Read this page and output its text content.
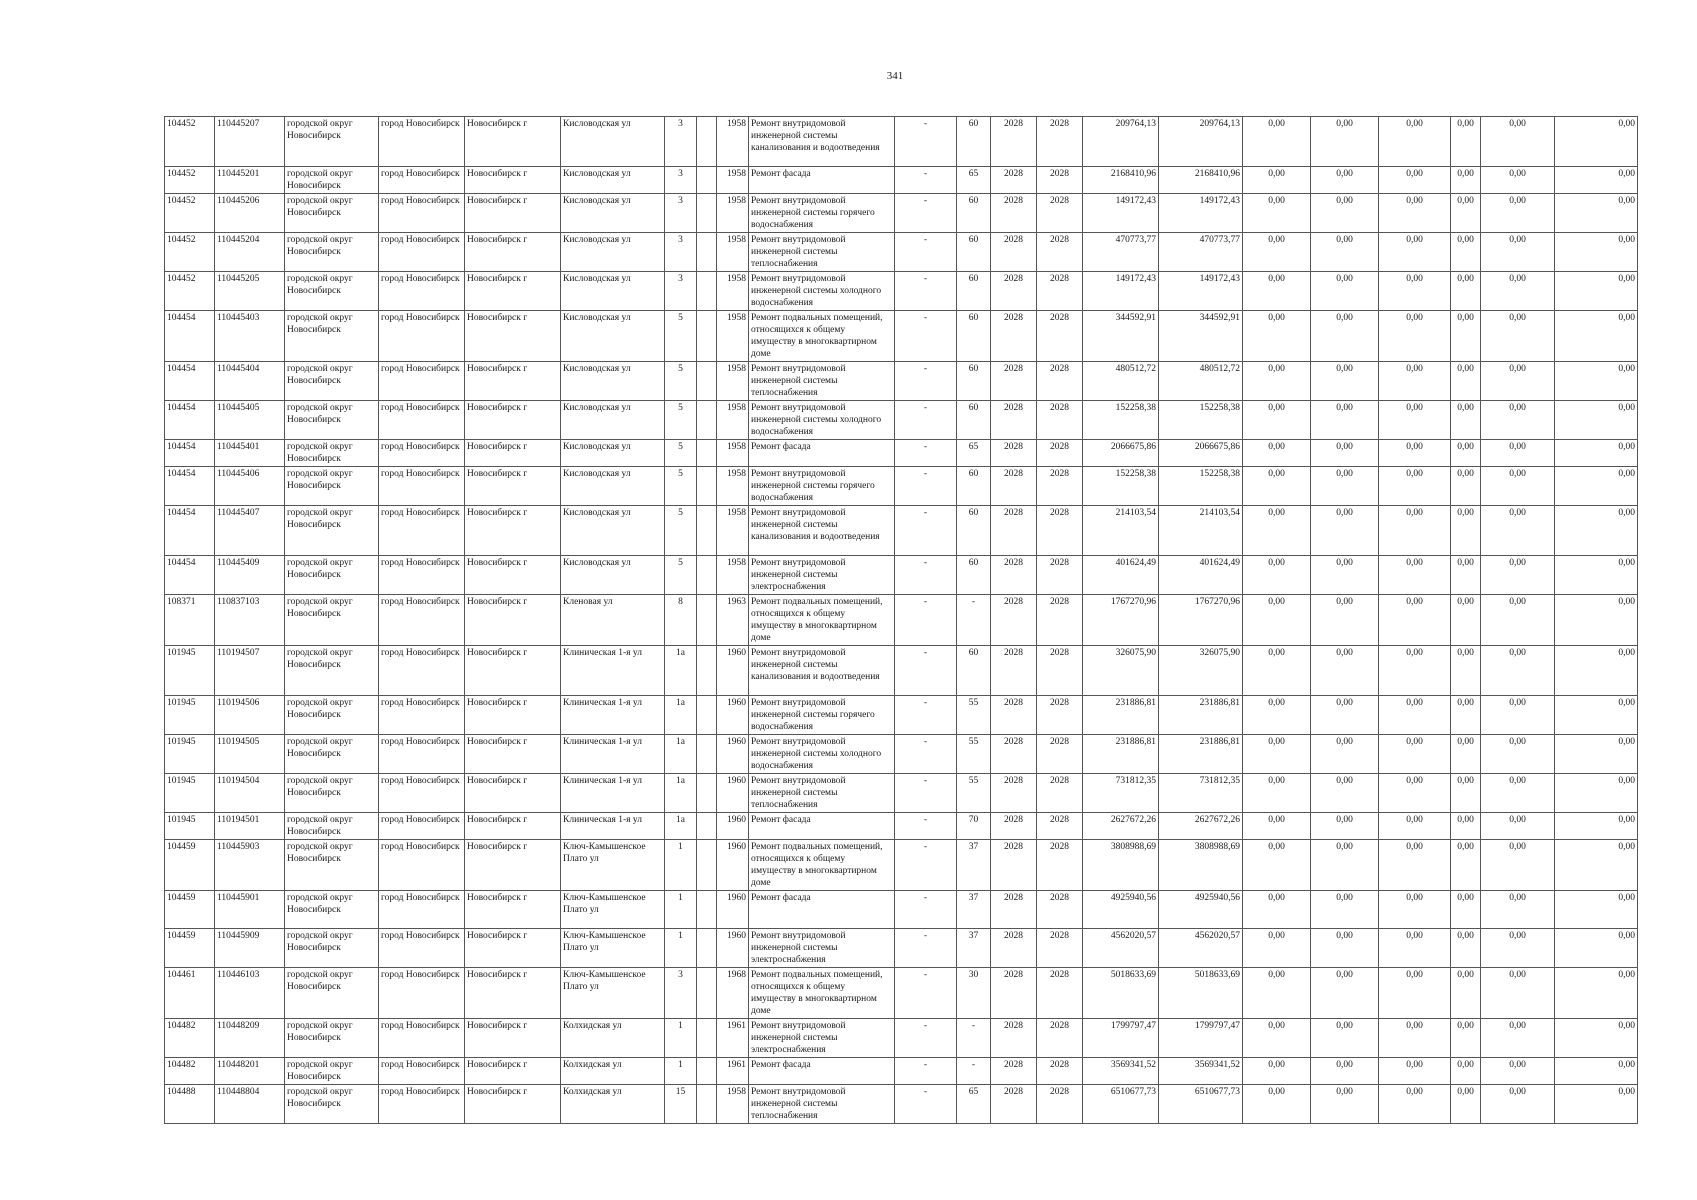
341
104452	110445207	городской округ Новосибирск	город Новосибирск	Новосибирск г	Кисловодская ул	3		1958	Ремонт внутридомовой инженерной системы канализования и водоотведения	-	60	2028	2028	209764,13	209764,13	0,00	0,00	0,00	0,00	0,00	0,00
104452	110445201	городской округ Новосибирск	город Новосибирск	Новосибирск г	Кисловодская ул	3		1958	Ремонт фасада	-	65	2028	2028	2168410,96	2168410,96	0,00	0,00	0,00	0,00	0,00	0,00
104452	110445206	городской округ Новосибирск	город Новосибирск	Новосибирск г	Кисловодская ул	3		1958	Ремонт внутридомовой инженерной системы горячего водоснабжения	-	60	2028	2028	149172,43	149172,43	0,00	0,00	0,00	0,00	0,00	0,00
104452	110445204	городской округ Новосибирск	город Новосибирск	Новосибирск г	Кисловодская ул	3		1958	Ремонт внутридомовой инженерной системы теплоснабжения	-	60	2028	2028	470773,77	470773,77	0,00	0,00	0,00	0,00	0,00	0,00
104452	110445205	городской округ Новосибирск	город Новосибирск	Новосибирск г	Кисловодская ул	3		1958	Ремонт внутридомовой инженерной системы холодного водоснабжения	-	60	2028	2028	149172,43	149172,43	0,00	0,00	0,00	0,00	0,00	0,00
104454	110445403	городской округ Новосибирск	город Новосибирск	Новосибирск г	Кисловодская ул	5		1958	Ремонт подвальных помещений, относящихся к общему имуществу в многоквартирном доме	-	60	2028	2028	344592,91	344592,91	0,00	0,00	0,00	0,00	0,00	0,00
104454	110445404	городской округ Новосибирск	город Новосибирск	Новосибирск г	Кисловодская ул	5		1958	Ремонт внутридомовой инженерной системы теплоснабжения	-	60	2028	2028	480512,72	480512,72	0,00	0,00	0,00	0,00	0,00	0,00
104454	110445405	городской округ Новосибирск	город Новосибирск	Новосибирск г	Кисловодская ул	5		1958	Ремонт внутридомовой инженерной системы холодного водоснабжения	-	60	2028	2028	152258,38	152258,38	0,00	0,00	0,00	0,00	0,00	0,00
104454	110445401	городской округ Новосибирск	город Новосибирск	Новосибирск г	Кисловодская ул	5		1958	Ремонт фасада	-	65	2028	2028	2066675,86	2066675,86	0,00	0,00	0,00	0,00	0,00	0,00
104454	110445406	городской округ Новосибирск	город Новосибирск	Новосибирск г	Кисловодская ул	5		1958	Ремонт внутридомовой инженерной системы горячего водоснабжения	-	60	2028	2028	152258,38	152258,38	0,00	0,00	0,00	0,00	0,00	0,00
104454	110445407	городской округ Новосибирск	город Новосибирск	Новосибирск г	Кисловодская ул	5		1958	Ремонт внутридомовой инженерной системы канализования и водоотведения	-	60	2028	2028	214103,54	214103,54	0,00	0,00	0,00	0,00	0,00	0,00
104454	110445409	городской округ Новосибирск	город Новосибирск	Новосибирск г	Кисловодская ул	5		1958	Ремонт внутридомовой инженерной системы электроснабжения	-	60	2028	2028	401624,49	401624,49	0,00	0,00	0,00	0,00	0,00	0,00
108371	110837103	городской округ Новосибирск	город Новосибирск	Новосибирск г	Кленовая ул	8		1963	Ремонт подвальных помещений, относящихся к общему имуществу в многоквартирном доме	-	-	2028	2028	1767270,96	1767270,96	0,00	0,00	0,00	0,00	0,00	0,00
101945	110194507	городской округ Новосибирск	город Новосибирск	Новосибирск г	Клиническая 1-я ул	1а		1960	Ремонт внутридомовой инженерной системы канализования и водоотведения	-	60	2028	2028	326075,90	326075,90	0,00	0,00	0,00	0,00	0,00	0,00
101945	110194506	городской округ Новосибирск	город Новосибирск	Новосибирск г	Клиническая 1-я ул	1а		1960	Ремонт внутридомовой инженерной системы горячего водоснабжения	-	55	2028	2028	231886,81	231886,81	0,00	0,00	0,00	0,00	0,00	0,00
101945	110194505	городской округ Новосибирск	город Новосибирск	Новосибирск г	Клиническая 1-я ул	1а		1960	Ремонт внутридомовой инженерной системы холодного водоснабжения	-	55	2028	2028	231886,81	231886,81	0,00	0,00	0,00	0,00	0,00	0,00
101945	110194504	городской округ Новосибирск	город Новосибирск	Новосибирск г	Клиническая 1-я ул	1а		1960	Ремонт внутридомовой инженерной системы теплоснабжения	-	55	2028	2028	731812,35	731812,35	0,00	0,00	0,00	0,00	0,00	0,00
101945	110194501	городской округ Новосибирск	город Новосибирск	Новосибирск г	Клиническая 1-я ул	1а		1960	Ремонт фасада	-	70	2028	2028	2627672,26	2627672,26	0,00	0,00	0,00	0,00	0,00	0,00
104459	110445903	городской округ Новосибирск	город Новосибирск	Новосибирск г	Ключ-Камышенское Плато ул	1		1960	Ремонт подвальных помещений, относящихся к общему имуществу в многоквартирном доме	-	37	2028	2028	3808988,69	3808988,69	0,00	0,00	0,00	0,00	0,00	0,00
104459	110445901	городской округ Новосибирск	город Новосибирск	Новосибирск г	Ключ-Камышенское Плато ул	1		1960	Ремонт фасада	-	37	2028	2028	4925940,56	4925940,56	0,00	0,00	0,00	0,00	0,00	0,00
104459	110445909	городской округ Новосибирск	город Новосибирск	Новосибирск г	Ключ-Камышенское Плато ул	1		1960	Ремонт внутридомовой инженерной системы электроснабжения	-	37	2028	2028	4562020,57	4562020,57	0,00	0,00	0,00	0,00	0,00	0,00
104461	110446103	городской округ Новосибирск	город Новосибирск	Новосибирск г	Ключ-Камышенское Плато ул	3		1968	Ремонт подвальных помещений, относящихся к общему имуществу в многоквартирном доме	-	30	2028	2028	5018633,69	5018633,69	0,00	0,00	0,00	0,00	0,00	0,00
104482	110448209	городской округ Новосибирск	город Новосибирск	Новосибирск г	Колхидская ул	1		1961	Ремонт внутридомовой инженерной системы электроснабжения	-	-	2028	2028	1799797,47	1799797,47	0,00	0,00	0,00	0,00	0,00	0,00
104482	110448201	городской округ Новосибирск	город Новосибирск	Новосибирск г	Колхидская ул	1		1961	Ремонт фасада	-	-	2028	2028	3569341,52	3569341,52	0,00	0,00	0,00	0,00	0,00	0,00
104488	110448804	городской округ Новосибирск	город Новосибирск	Новосибирск г	Колхидская ул	15		1958	Ремонт внутридомовой инженерной системы теплоснабжения	-	65	2028	2028	6510677,73	6510677,73	0,00	0,00	0,00	0,00	0,00	0,00
